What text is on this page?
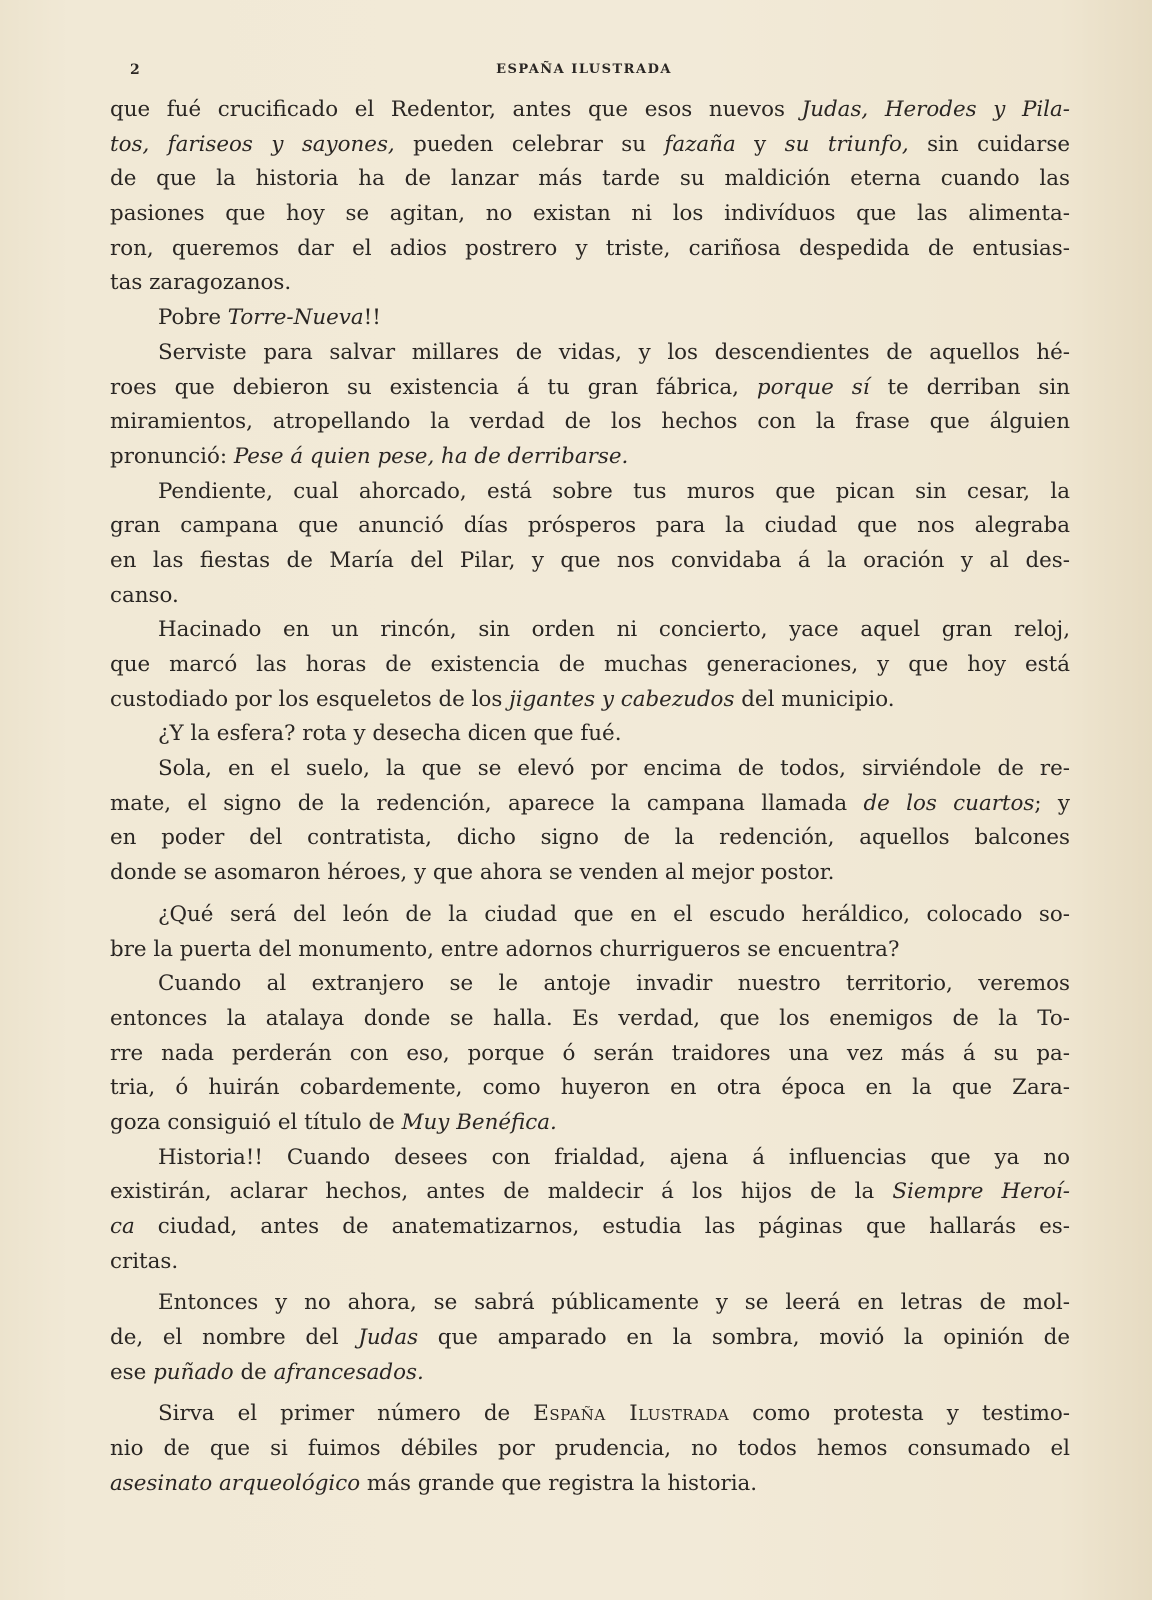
2	ESPAÑA ILUSTRADA
que fué crucificado el Redentor, antes que esos nuevos Judas, Herodes y Pila-
tos, fariseos y sayones, pueden celebrar su fazaña y su triunfo, sin cuidarse
de que la historia ha de lanzar más tarde su maldición eterna cuando las
pasiones que hoy se agitan, no existan ni los indivíduos que las alimenta-
ron, queremos dar el adios postrero y triste, cariñosa despedida de entusias-
tas zaragozanos.
Pobre Torre-Nueva!!
Serviste para salvar millares de vidas, y los descendientes de aquellos hé-
roes que debieron su existencia á tu gran fábrica, porque sí te derriban sin
miramientos, atropellando la verdad de los hechos con la frase que álguien
pronunció: Pese á quien pese, ha de derribarse.
Pendiente, cual ahorcado, está sobre tus muros que pican sin cesar, la
gran campana que anunció días prósperos para la ciudad que nos alegraba
en las fiestas de María del Pilar, y que nos convidaba á la oración y al des-
canso.
Hacinado en un rincón, sin orden ni concierto, yace aquel gran reloj,
que marcó las horas de existencia de muchas generaciones, y que hoy está
custodiado por los esqueletos de los jigantes y cabezudos del municipio.
¿Y la esfera? rota y desecha dicen que fué.
Sola, en el suelo, la que se elevó por encima de todos, sirviéndole de re-
mate, el signo de la redención, aparece la campana llamada de los cuartos; y
en poder del contratista, dicho signo de la redención, aquellos balcones
donde se asomaron héroes, y que ahora se venden al mejor postor.
¿Qué será del león de la ciudad que en el escudo heráldico, colocado so-
bre la puerta del monumento, entre adornos churrigueros se encuentra?
Cuando al extranjero se le antoje invadir nuestro territorio, veremos
entonces la atalaya donde se halla. Es verdad, que los enemigos de la To-
rre nada perderán con eso, porque ó serán traidores una vez más á su pa-
tria, ó huirán cobardemente, como huyeron en otra época en la que Zara-
goza consiguió el título de Muy Benéfica.
Historia!! Cuando desees con frialdad, ajena á influencias que ya no
existirán, aclarar hechos, antes de maldecir á los hijos de la Siempre Heroí-
ca ciudad, antes de anatematizarnos, estudia las páginas que hallarás es-
critas.
Entonces y no ahora, se sabrá públicamente y se leerá en letras de mol-
de, el nombre del Judas que amparado en la sombra, movió la opinión de
ese puñado de afrancesados.
Sirva el primer número de España Ilustrada como protesta y testimo-
nio de que si fuimos débiles por prudencia, no todos hemos consumado el
asesinato arqueológico más grande que registra la historia.
